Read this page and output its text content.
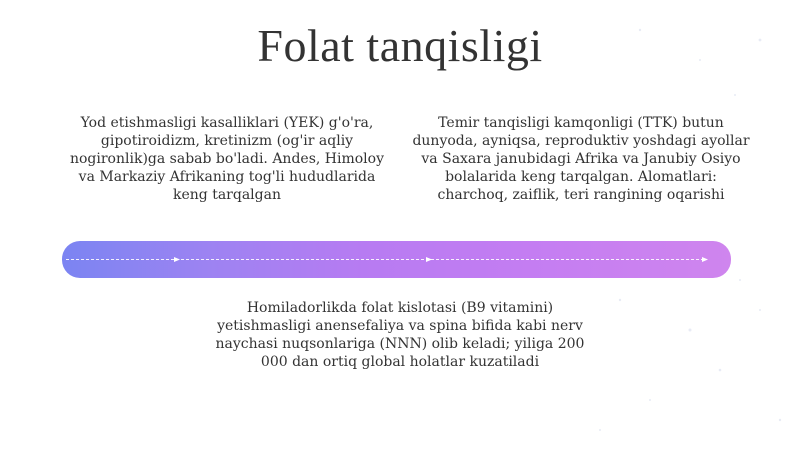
Folat tanqisligi
Yod etishmasligi kasalliklari (YEK) g'o'ra, gipotiroidizm, kretinizm (og'ir aqliy nogironlik)ga sabab bo'ladi. Andes, Himoloy va Markaziy Afrikaning tog'li hududlarida keng tarqalgan
Temir tanqisligi kamqonligi (TTK) butun dunyoda, ayniqsa, reproduktiv yoshdagi ayollar va Saxara janubidagi Afrika va Janubiy Osiyo bolalarida keng tarqalgan. Alomatlari: charchoq, zaiflik, teri rangining oqarishi
Homiladorlikda folat kislotasi (B9 vitamini) yetishmasligi anensefaliya va spina bifida kabi nerv naychasi nuqsonlariga (NNN) olib keladi; yiliga 200 000 dan ortiq global holatlar kuzatiladi
